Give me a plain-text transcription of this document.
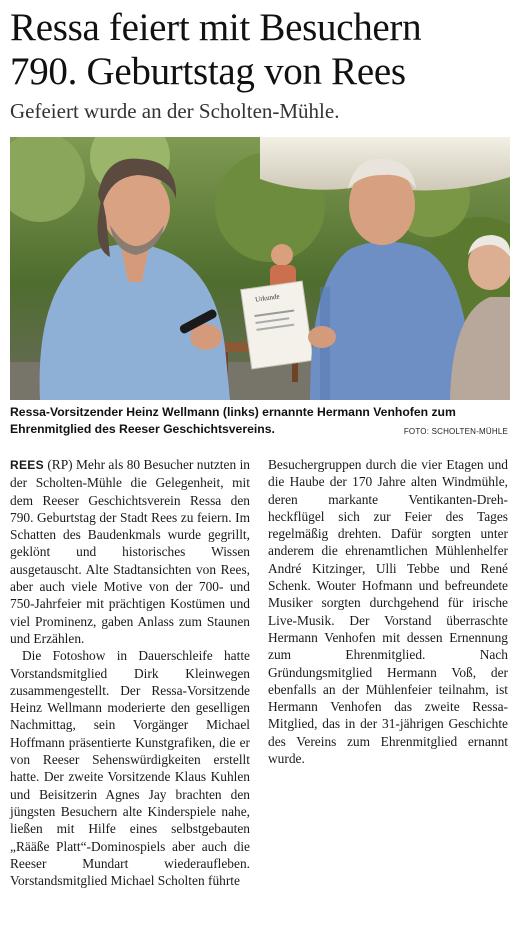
Ressa feiert mit Besuchern
790. Geburtstag von Rees
Gefeiert wurde an der Scholten-Mühle.
Urkunde
Ressa-Vorsitzender Heinz Wellmann (links) ernannte Hermann Venhofen zum Ehrenmitglied des Reeser Geschichtsvereins.	FOTO: SCHOLTEN-MÜHLE

REES (RP) Mehr als 80 Besucher nutzten in der Scholten-Mühle die Gelegenheit, mit dem Reeser Geschichtsverein Ressa den 790. Geburtstag der Stadt Rees zu feiern. Im Schatten des Baudenkmals wurde gegrillt, geklönt und historisches Wissen ausgetauscht. Alte Stadtansichten von Rees, aber auch viele Motive von der 700- und 750-Jahrfeier mit prächtigen Kostümen und viel Prominenz, gaben Anlass zum Staunen und Erzählen.

Die Fotoshow in Dauerschleife hatte Vorstandsmitglied Dirk Kleinwegen zusammengestellt. Der Ressa-Vorsitzende Heinz Wellmann moderierte den geselligen Nachmittag, sein Vorgänger Michael Hoffmann präsentierte Kunstgrafiken, die er von Reeser Sehenswürdigkeiten erstellt hatte. Der zweite Vorsitzende Klaus Kuhlen und Beisitzerin Agnes Jay brachten den jüngsten Besuchern alte Kinderspiele nahe, ließen mit Hilfe eines selbstgebauten „Rääße Platt“-Dominospiels aber auch die Reeser Mundart wiederaufleben. Vorstandsmitglied Michael Scholten führte

Besuchergruppen durch die vier Etagen und die Haube der 170 Jahre alten Windmühle, deren markante Ventikanten-Dreh-heckflügel sich zur Feier des Tages regelmäßig drehten. Dafür sorgten unter anderem die ehrenamtlichen Mühlenhelfer André Kitzinger, Ulli Tebbe und René Schenk. Wouter Hofmann und befreundete Musiker sorgten durchgehend für irische Live-Musik. Der Vorstand überraschte Hermann Venhofen mit dessen Ernennung zum Ehrenmitglied. Nach Gründungsmitglied Hermann Voß, der ebenfalls an der Mühlenfeier teilnahm, ist Hermann Venhofen das zweite Ressa-Mitglied, das in der 31-jährigen Geschichte des Vereins zum Ehrenmitglied ernannt wurde.
